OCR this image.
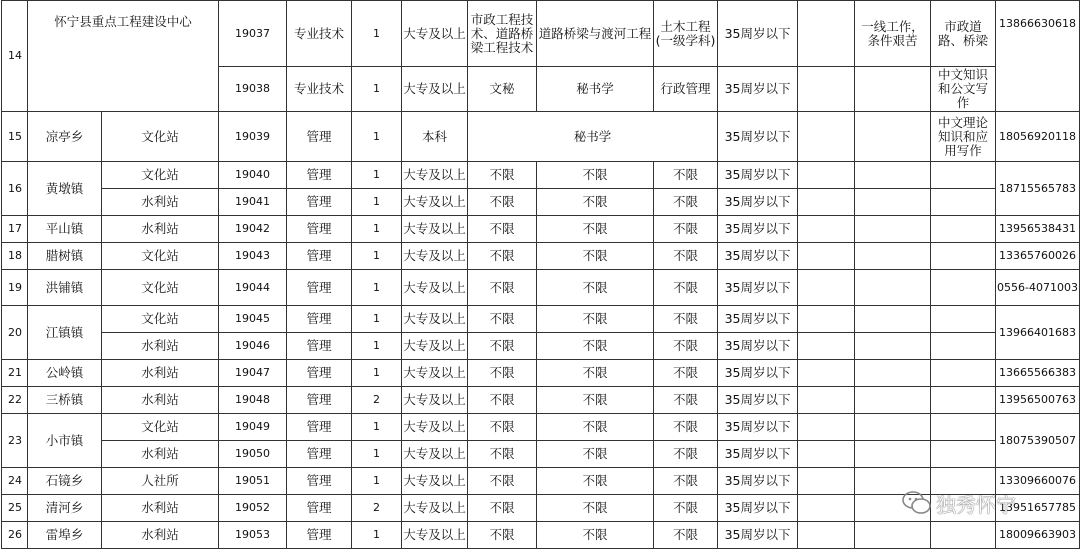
14	怀宁县重点工程建设中心		19037	专业技术	1	大专及以上	市政工程技术、道路桥梁工程技术	道路桥梁与渡河工程	土木工程(一级学科)	35周岁以下		一线工作，条件艰苦	市政道路、桥梁	13866630618
			19038	专业技术	1	大专及以上	文秘	秘书学	行政管理	35周岁以下			中文知识和公文写作	
15	凉亭乡	文化站	19039	管理	1	本科	秘书学			35周岁以下			中文理论知识和应用写作	18056920118
16	黄墩镇	文化站	19040	管理	1	大专及以上	不限	不限	不限	35周岁以下				18715565783
		水利站	19041	管理	1	大专及以上	不限	不限	不限	35周岁以下				
17	平山镇	水利站	19042	管理	1	大专及以上	不限	不限	不限	35周岁以下				13956538431
18	腊树镇	文化站	19043	管理	1	大专及以上	不限	不限	不限	35周岁以下				13365760026
19	洪铺镇	文化站	19044	管理	1	大专及以上	不限	不限	不限	35周岁以下				0556-4071003
20	江镇镇	文化站	19045	管理	1	大专及以上	不限	不限	不限	35周岁以下				13966401683
		水利站	19046	管理	1	大专及以上	不限	不限	不限	35周岁以下				
21	公岭镇	水利站	19047	管理	1	大专及以上	不限	不限	不限	35周岁以下				13665566383
22	三桥镇	水利站	19048	管理	2	大专及以上	不限	不限	不限	35周岁以下				13956500763
23	小市镇	文化站	19049	管理	1	大专及以上	不限	不限	不限	35周岁以下				18075390507
		水利站	19050	管理	1	大专及以上	不限	不限	不限	35周岁以下				
24	石镜乡	人社所	19051	管理	1	大专及以上	不限	不限	不限	35周岁以下				13309660076
25	清河乡	水利站	19052	管理	2	大专及以上	不限	不限	不限	35周岁以下				13951657785
26	雷埠乡	水利站	19053	管理	1	大专及以上	不限	不限	不限	35周岁以下				18009663903
独秀怀宁
